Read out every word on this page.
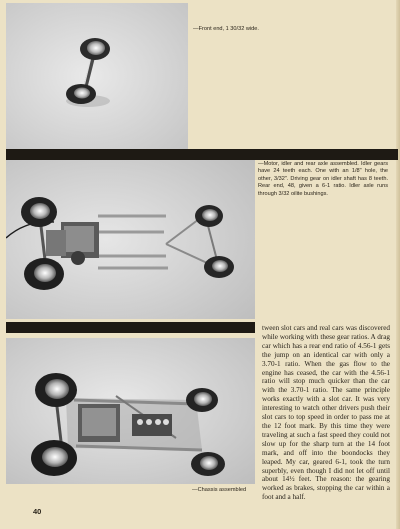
—Front end, 1 30/32 wide.

—Motor, idler and rear axle assembled. Idler gears have 24 teeth each. One with an 1/8" hole, the other, 3/32". Driving gear on idler shaft has 8 teeth. Rear end, 48, given a 6-1 ratio. Idler axle runs through 3/32 oilite bushings.

—Chassis assembled

tween slot cars and real cars was discovered while working with these gear ratios. A drag car which has a rear end ratio of 4.56-1 gets the jump on an identical car with only a 3.70-1 ratio. When the gas flow to the engine has ceased, the car with the 4.56-1 ratio will stop much quicker than the car with the 3.70-1 ratio. The same principle works exactly with a slot car. It was very interesting to watch other drivers push their slot cars to top speed in order to pass me at the 12 foot mark. By this time they were traveling at such a fast speed they could not slow up for the sharp turn at the 14 foot mark, and off into the boondocks they leaped. My car, geared 6-1, took the turn superbly, even though I did not let off until about 14½ feet. The reason: the gearing worked as brakes, stopping the car within a foot and a half.

40
